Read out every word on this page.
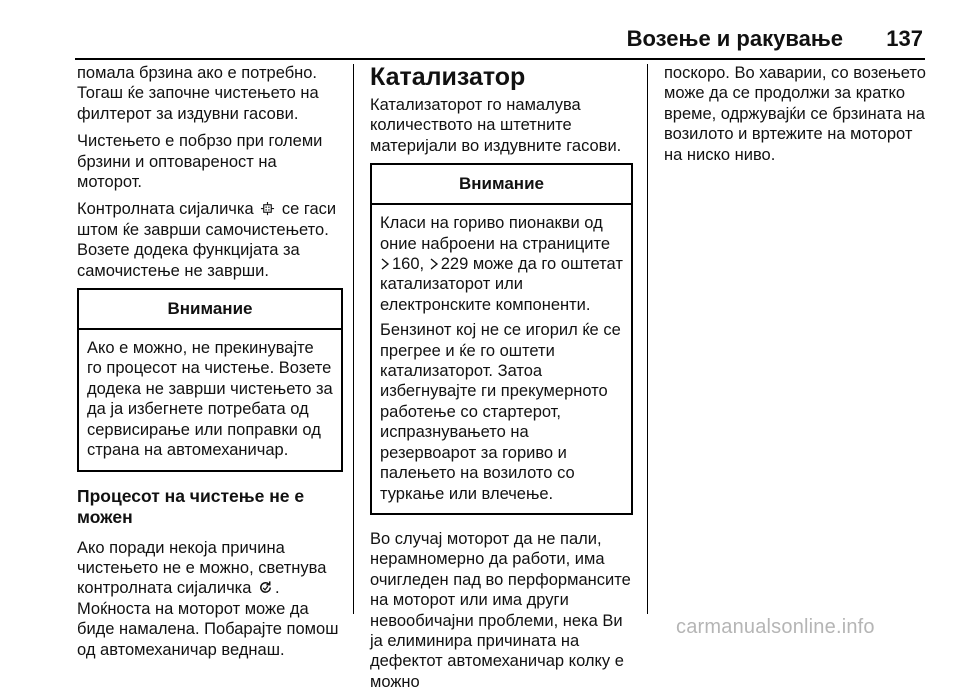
Возење и ракување 137

помала брзина ако е потребно. Тогаш ќе започне чистењето на филтерот за издувни гасови.

Чистењето е побрзо при големи брзини и оптовареност на моторот.

Контролната сијаличка се гаси штом ќе заврши самочистењето. Возете додека функцијата за самочистење не заврши.

Внимание

Ако е можно, не прекинувајте го процесот на чистење. Возете додека не заврши чистењето за да ја избегнете потребата од сервисирање или поправки од страна на автомеханичар.

Процесот на чистење не е можен

Ако поради некоја причина чистењето не е можно, светнува контролната сијаличка .
Моќноста на моторот може да биде намалена. Побарајте помош од автомеханичар веднаш.

Катализатор

Катализаторот го намалува количеството на штетните материјали во издувните гасови.

Внимание

Класи на гориво пионакви од оние наброени на страниците
160, 229 може да го оштетат катализаторот или електронските компоненти.

Бензинот кој не се игорил ќе се прегрее и ќе го оштети катализаторот. Затоа избегнувајте ги прекумерното работење со стартерот, испразнувањето на резервоарот за гориво и палењето на возилото со туркање или влечење.

Во случај моторот да не пали, нерамномерно да работи, има очигледен пад во перформансите на моторот или има други невообичајни проблеми, нека Ви ја елиминира причината на дефектот автомеханичар колку е можно

поскоро. Во хаварии, со возењето може да се продолжи за кратко време, одржувајќи се брзината на возилото и вртежите на моторот на ниско ниво.

carmanualsonline.info
